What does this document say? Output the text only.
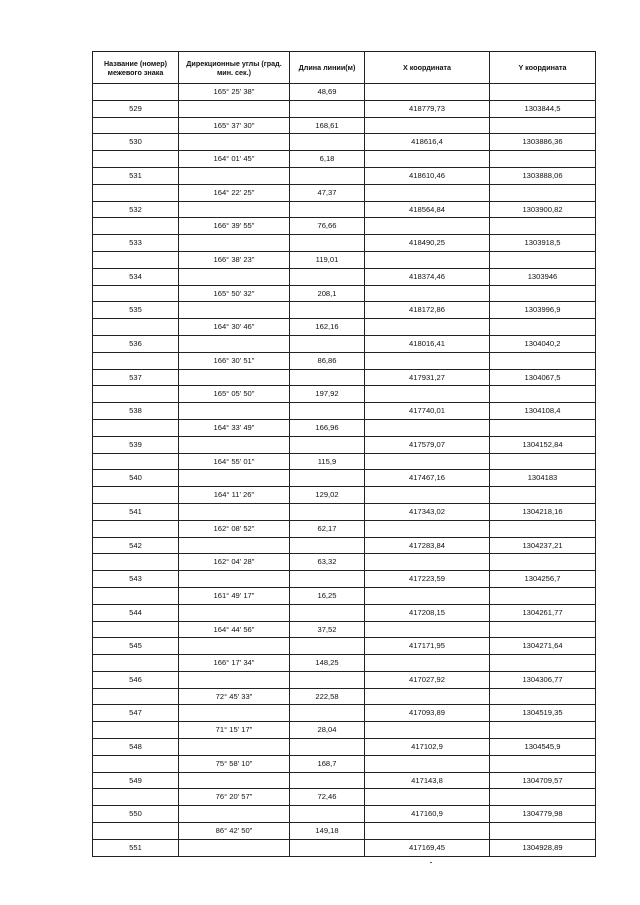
Название (номер) межевого знака	Дирекционные углы (град. мин. сек.)	Длина линии(м)	X координата	Y координата
	165° 25' 38"	48,69		
529			418779,73	1303844,5
	165° 37' 30"	168,61		
530			418616,4	1303886,36
	164° 01' 45"	6,18		
531			418610,46	1303888,06
	164° 22' 25"	47,37		
532			418564,84	1303900,82
	166° 39' 55"	76,66		
533			418490,25	1303918,5
	166° 38' 23"	119,01		
534			418374,46	1303946
	165° 50' 32"	208,1		
535			418172,86	1303996,9
	164° 30' 46"	162,16		
536			418016,41	1304040,2
	166° 30' 51"	86,86		
537			417931,27	1304067,5
	165° 05' 50"	197,92		
538			417740,01	1304108,4
	164° 33' 49"	166,96		
539			417579,07	1304152,84
	164° 55' 01"	115,9		
540			417467,16	1304183
	164° 11' 26"	129,02		
541			417343,02	1304218,16
	162° 08' 52"	62,17		
542			417283,84	1304237,21
	162° 04' 28"	63,32		
543			417223,59	1304256,7
	161° 49' 17"	16,25		
544			417208,15	1304261,77
	164° 44' 56"	37,52		
545			417171,95	1304271,64
	166° 17' 34"	148,25		
546			417027,92	1304306,77
	72° 45' 33"	222,58		
547			417093,89	1304519,35
	71° 15' 17"	28,04		
548			417102,9	1304545,9
	75° 58' 10"	168,7		
549			417143,8	1304709,57
	76° 20' 57"	72,46		
550			417160,9	1304779,98
	86° 42' 50"	149,18		
551			417169,45	1304928,89
